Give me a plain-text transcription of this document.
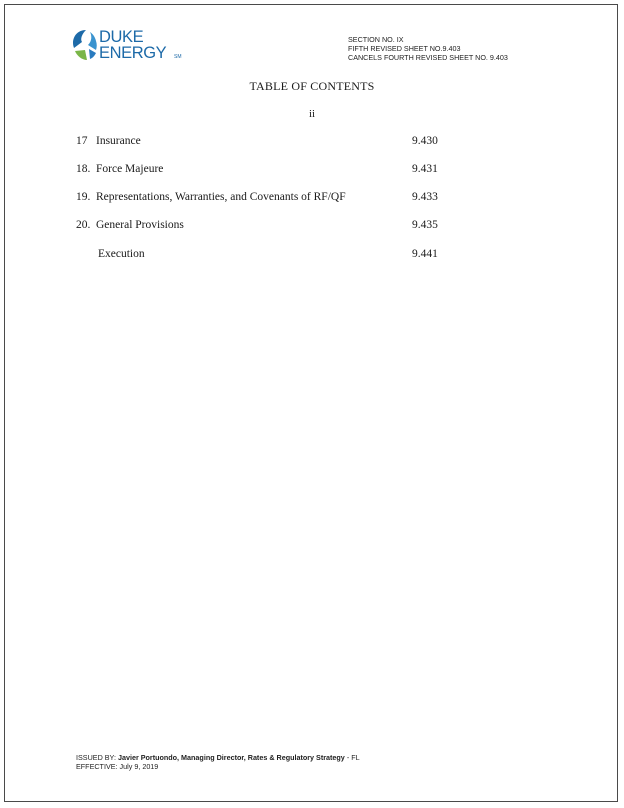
DUKE
ENERGY SM
SECTION NO. IX
FIFTH REVISED SHEET NO.9.403
CANCELS FOURTH REVISED SHEET NO. 9.403
TABLE OF CONTENTS
ii
17 Insurance	9.430
18. Force Majeure	9.431
19. Representations, Warranties, and Covenants of RF/QF	9.433
20. General Provisions	9.435
Execution	9.441
ISSUED BY: Javier Portuondo, Managing Director, Rates & Regulatory Strategy - FL
EFFECTIVE: July 9, 2019
